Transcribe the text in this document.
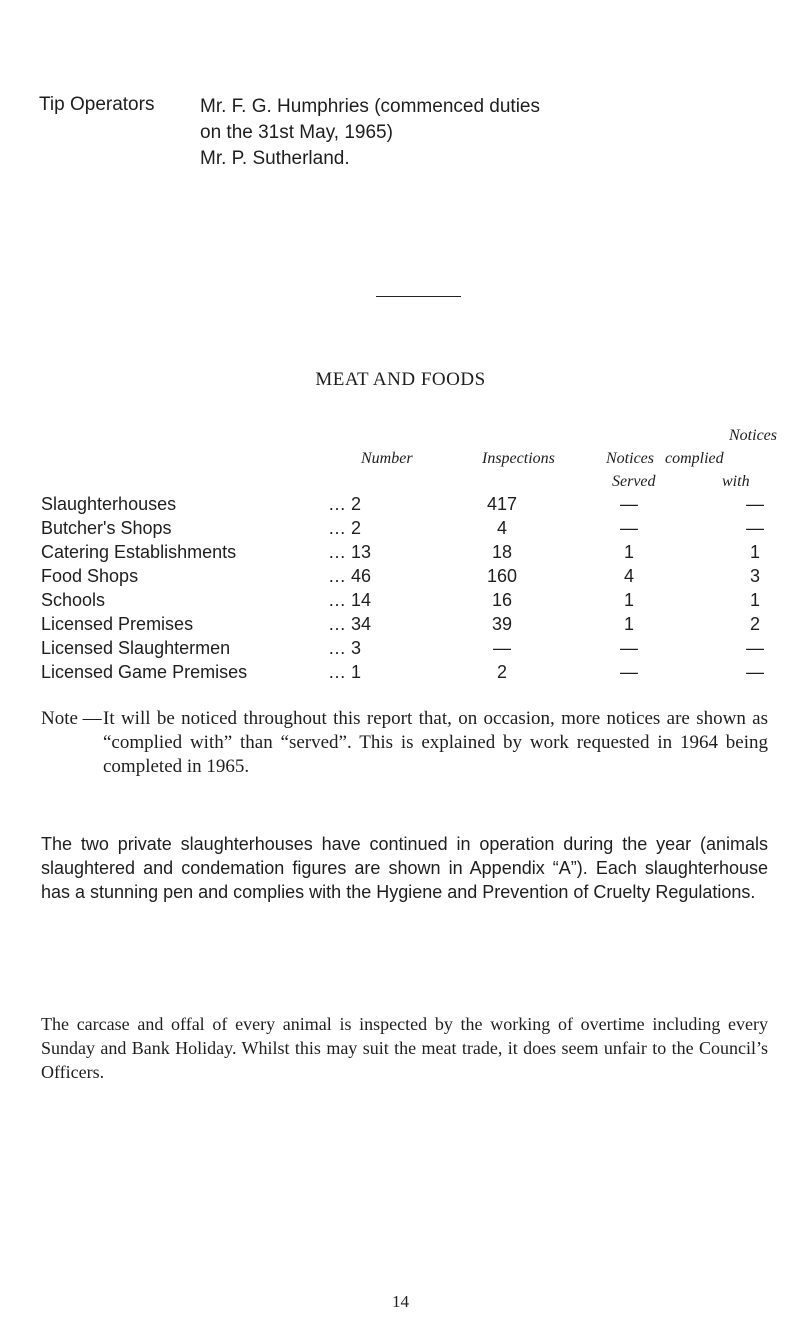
Tip Operators Mr. F. G. Humphries (commenced duties
on the 31st May, 1965)
Mr. P. Sutherland.
MEAT AND FOODS
Notices
Number	Inspections	Notices complied
Served	with
Slaughterhouses	… 2	417	—	—
Butcher's Shops	… 2	4	—	—
Catering Establishments	… 13	18	1	1
Food Shops	… 46	160	4	3
Schools	… 14	16	1	1
Licensed Premises	… 34	39	1	2
Licensed Slaughtermen	… 3	—	—	—
Licensed Game Premises	… 1	2	—	—
Note — It will be noticed throughout this report that, on occasion, more notices are shown as “complied with” than “served”. This is explained by work requested in 1964 being completed in 1965.
The two private slaughterhouses have continued in operation during the year (animals slaughtered and condemation figures are shown in Appendix “A”). Each slaughterhouse has a stunning pen and complies with the Hygiene and Prevention of Cruelty Regulations.
The carcase and offal of every animal is inspected by the working of overtime including every Sunday and Bank Holiday. Whilst this may suit the meat trade, it does seem unfair to the Council’s Officers.
14
